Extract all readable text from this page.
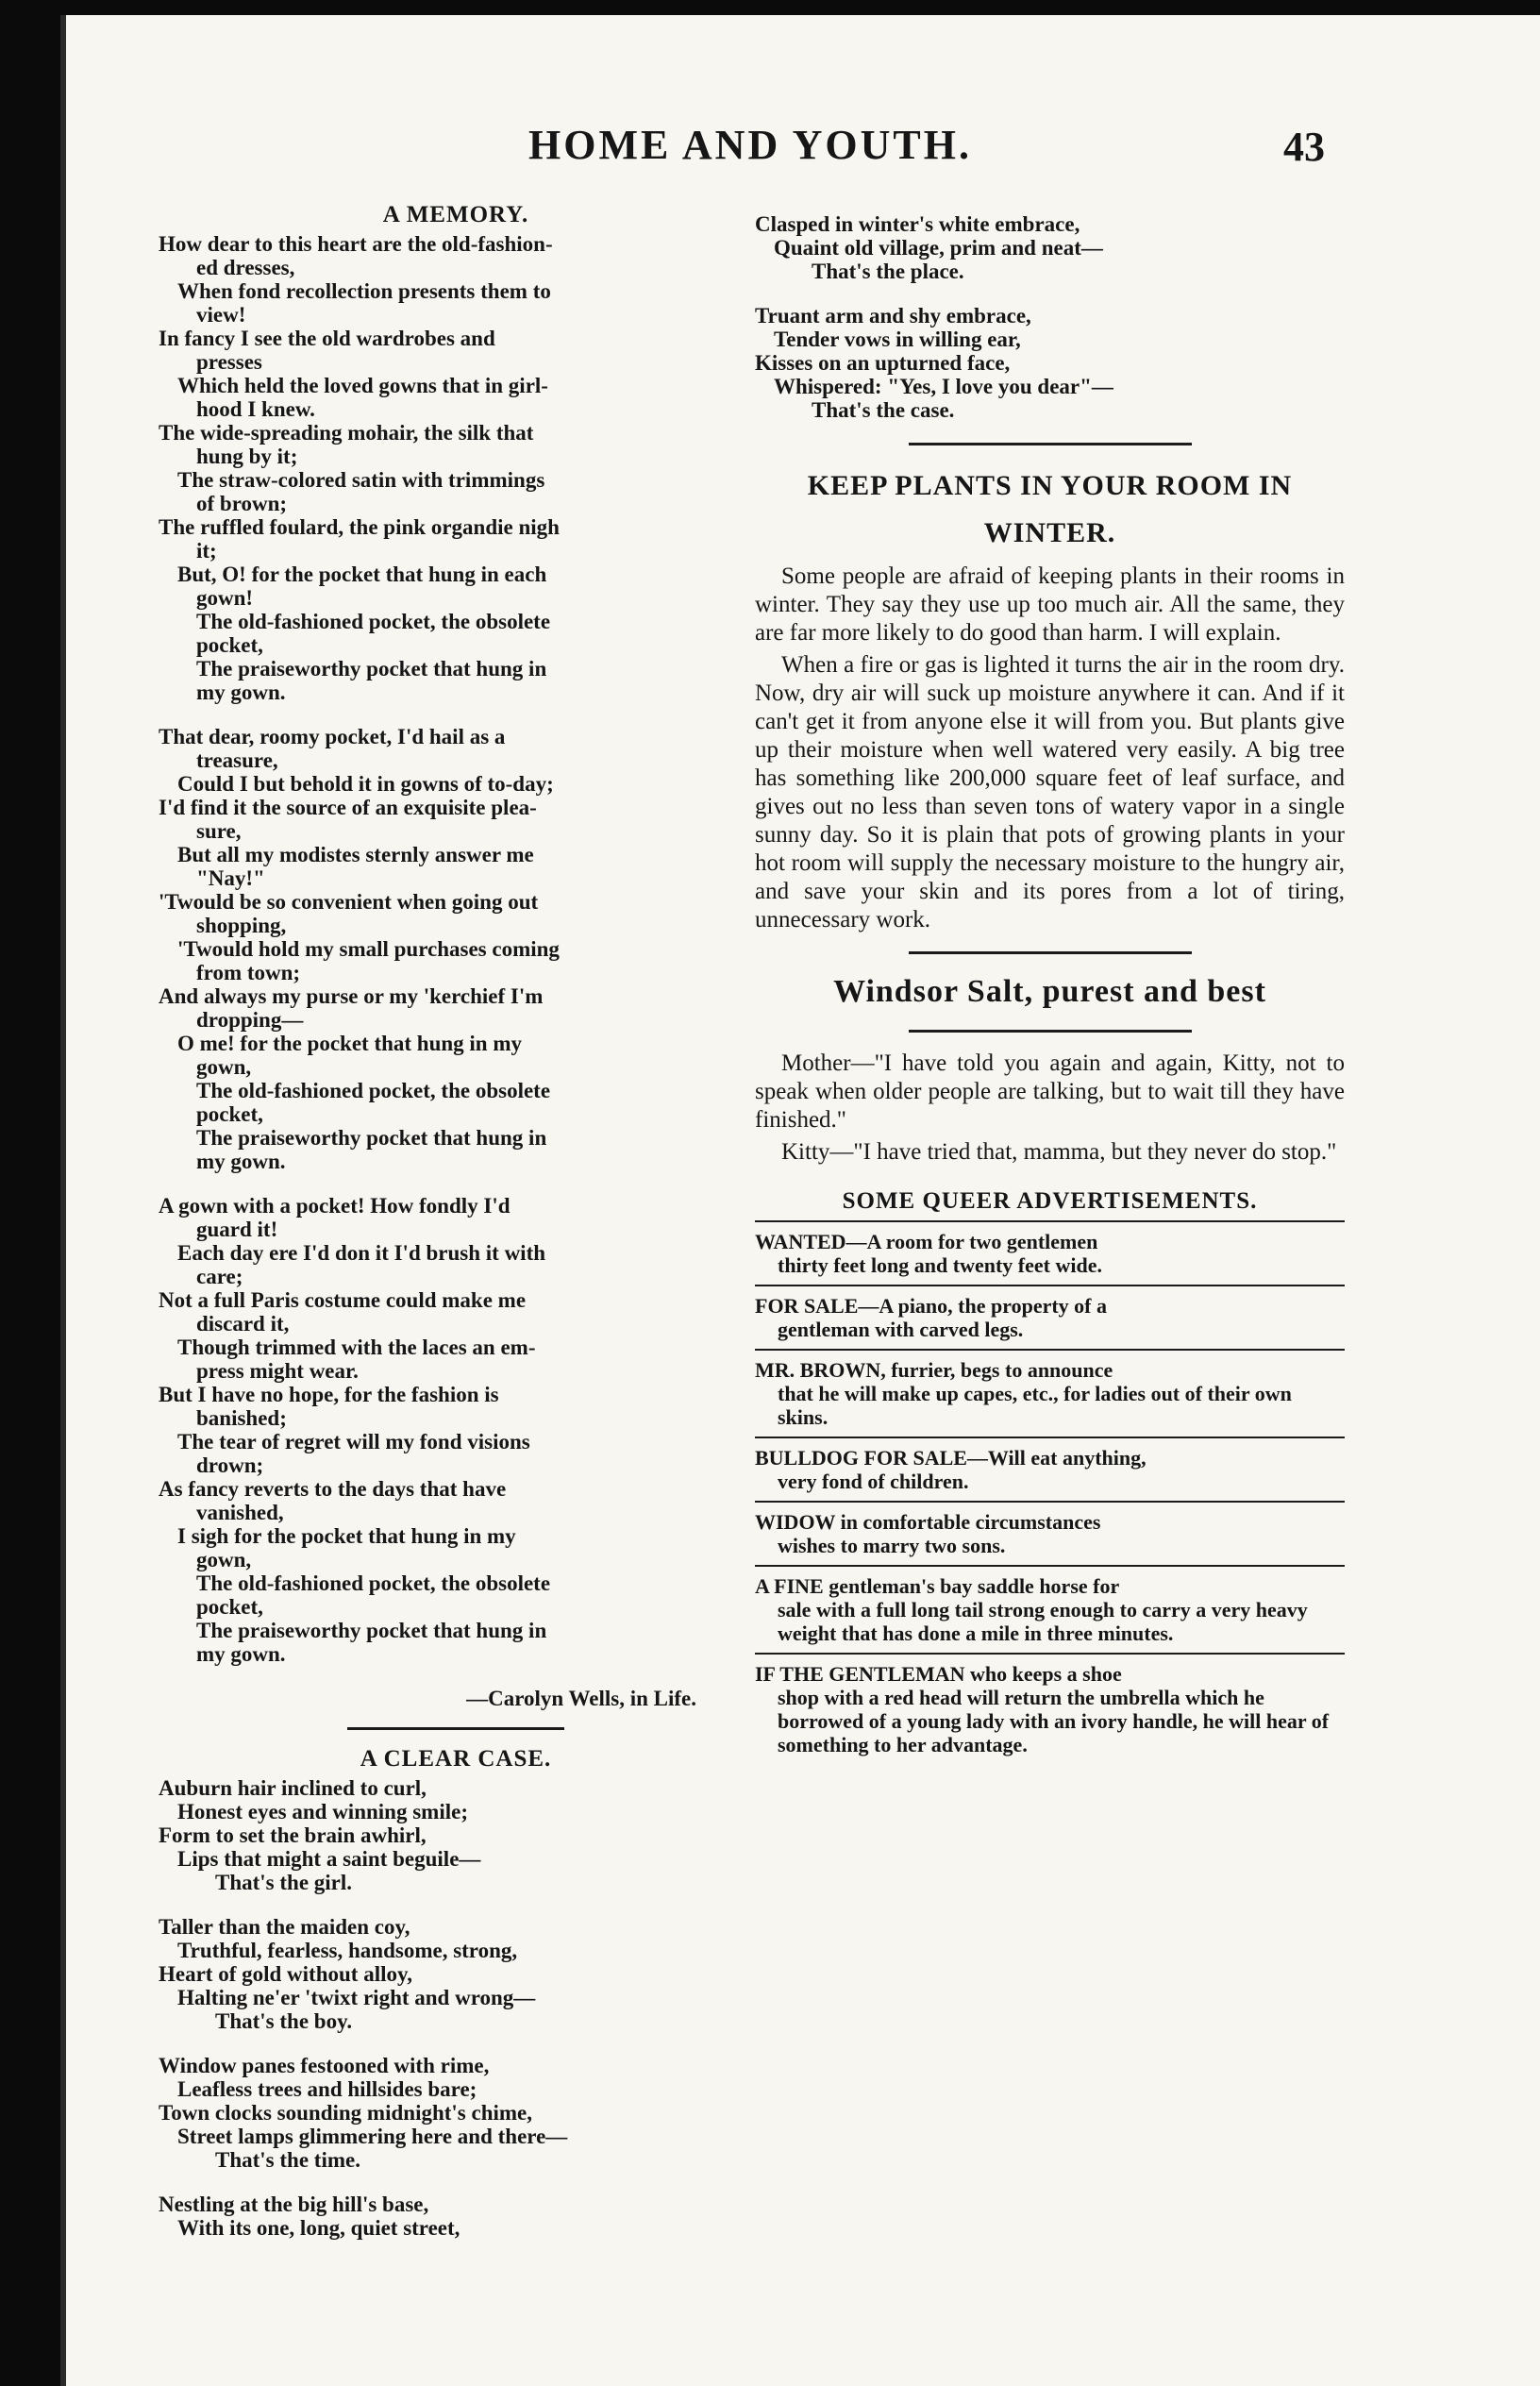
HOME AND YOUTH.	43
A MEMORY.
How dear to this heart are the old-fashion-
ed dresses,
When fond recollection presents them to
view!
In fancy I see the old wardrobes and
presses
Which held the loved gowns that in girl-
hood I knew.
The wide-spreading mohair, the silk that
hung by it;
The straw-colored satin with trimmings
of brown;
The ruffled foulard, the pink organdie nigh
it;
But, O! for the pocket that hung in each
gown!
The old-fashioned pocket, the obsolete
pocket,
The praiseworthy pocket that hung in
my gown.
That dear, roomy pocket, I'd hail as a
treasure,
Could I but behold it in gowns of to-day;
I'd find it the source of an exquisite plea-
sure,
But all my modistes sternly answer me
"Nay!"
'Twould be so convenient when going out
shopping,
'Twould hold my small purchases coming
from town;
And always my purse or my 'kerchief I'm
dropping—
O me! for the pocket that hung in my
gown,
The old-fashioned pocket, the obsolete
pocket,
The praiseworthy pocket that hung in
my gown.
A gown with a pocket! How fondly I'd
guard it!
Each day ere I'd don it I'd brush it with
care;
Not a full Paris costume could make me
discard it,
Though trimmed with the laces an em-
press might wear.
But I have no hope, for the fashion is
banished;
The tear of regret will my fond visions
drown;
As fancy reverts to the days that have
vanished,
I sigh for the pocket that hung in my
gown,
The old-fashioned pocket, the obsolete
pocket,
The praiseworthy pocket that hung in
my gown.
—Carolyn Wells, in Life.
A CLEAR CASE.
Auburn hair inclined to curl,
Honest eyes and winning smile;
Form to set the brain awhirl,
Lips that might a saint beguile—
That's the girl.
Taller than the maiden coy,
Truthful, fearless, handsome, strong,
Heart of gold without alloy,
Halting ne'er 'twixt right and wrong—
That's the boy.
Window panes festooned with rime,
Leafless trees and hillsides bare;
Town clocks sounding midnight's chime,
Street lamps glimmering here and there—
That's the time.
Nestling at the big hill's base,
With its one, long, quiet street,
Clasped in winter's white embrace,
Quaint old village, prim and neat—
That's the place.
Truant arm and shy embrace,
Tender vows in willing ear,
Kisses on an upturned face,
Whispered: "Yes, I love you dear"—
That's the case.
KEEP PLANTS IN YOUR ROOM IN
WINTER.

Some people are afraid of keeping plants in their rooms in winter. They say they use up too much air. All the same, they are far more likely to do good than harm. I will explain.

When a fire or gas is lighted it turns the air in the room dry. Now, dry air will suck up moisture anywhere it can. And if it can't get it from anyone else it will from you. But plants give up their moisture when well watered very easily. A big tree has something like 200,000 square feet of leaf surface, and gives out no less than seven tons of watery vapor in a single sunny day. So it is plain that pots of growing plants in your hot room will supply the necessary moisture to the hungry air, and save your skin and its pores from a lot of tiring, unnecessary work.

Windsor Salt, purest and best

Mother—"I have told you again and again, Kitty, not to speak when older people are talking, but to wait till they have finished."

Kitty—"I have tried that, mamma, but they never do stop."

SOME QUEER ADVERTISEMENTS.
WANTED—A room for two gentlemen
thirty feet long and twenty feet wide.
FOR SALE—A piano, the property of a
gentleman with carved legs.
MR. BROWN, furrier, begs to announce
that he will make up capes, etc., for ladies out of their own skins.
BULLDOG FOR SALE—Will eat anything,
very fond of children.
WIDOW in comfortable circumstances
wishes to marry two sons.
A FINE gentleman's bay saddle horse for
sale with a full long tail strong enough to carry a very heavy weight that has done a mile in three minutes.
IF THE GENTLEMAN who keeps a shoe
shop with a red head will return the umbrella which he borrowed of a young lady with an ivory handle, he will hear of something to her advantage.
